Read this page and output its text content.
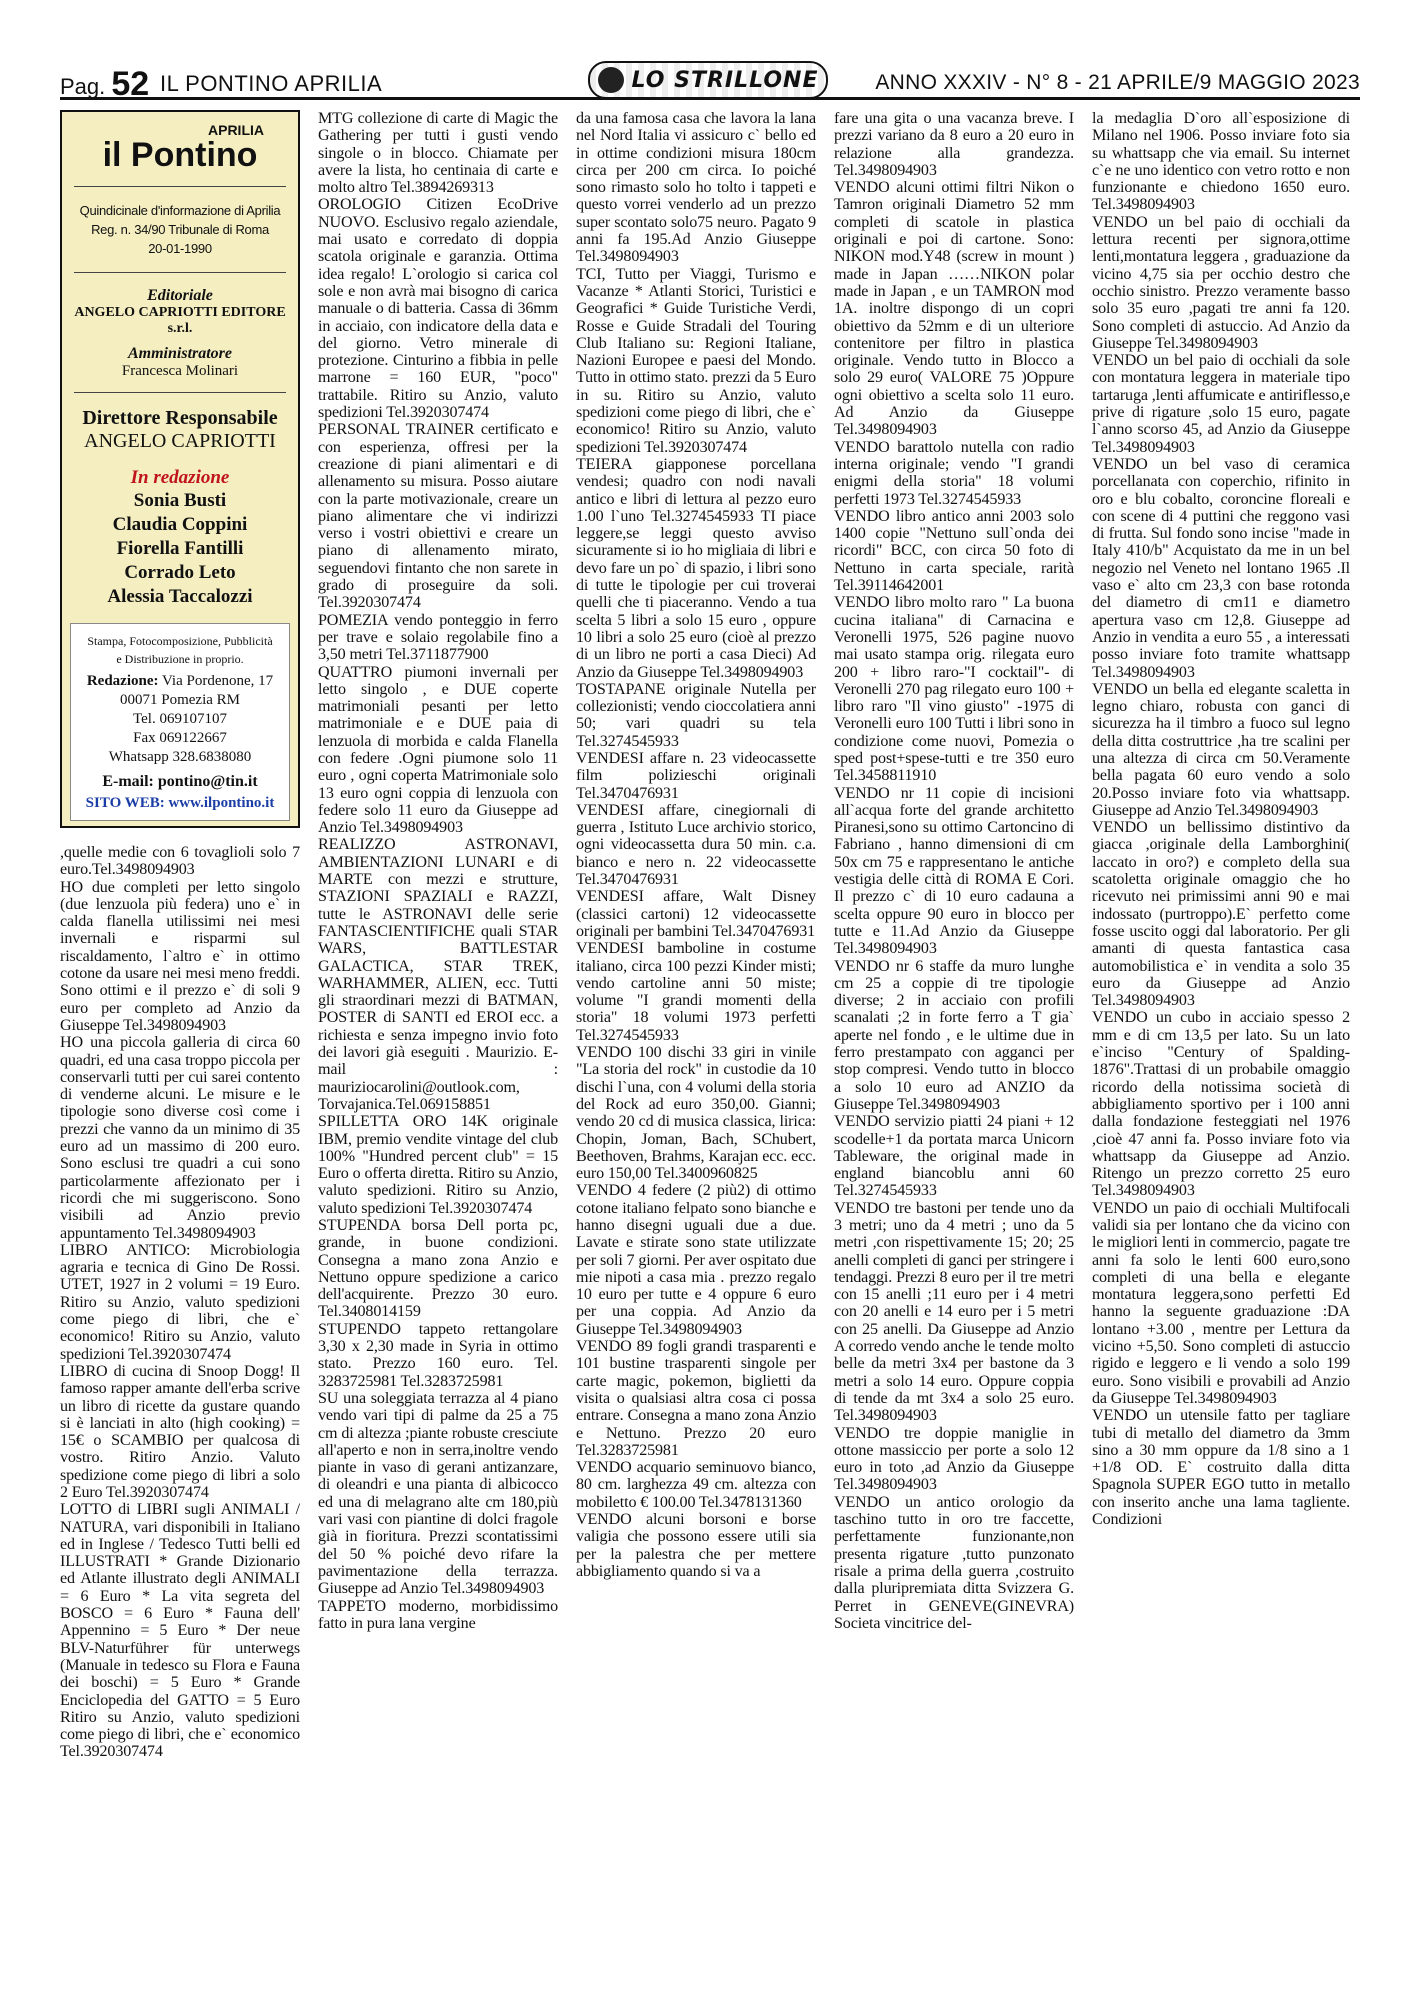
Pag. 52 IL PONTINO APRILIA	LO STRILLONE	ANNO XXXIV - N° 8 - 21 APRILE/9 MAGGIO 2023
APRILIA
il Pontino
Quindicinale d'informazione di Aprilia
Reg. n. 34/90 Tribunale di Roma
20-01-1990
Editoriale
ANGELO CAPRIOTTI EDITORE s.r.l.
Amministratore
Francesca Molinari
Direttore Responsabile
ANGELO CAPRIOTTI
In redazione
Sonia Busti
Claudia Coppini
Fiorella Fantilli
Corrado Leto
Alessia Taccalozzi
Stampa, Fotocomposizione, Pubblicità
e Distribuzione in proprio.
Redazione: Via Pordenone, 17
00071 Pomezia RM
Tel. 069107107
Fax 069122667
Whatsapp 328.6838080
E-mail: pontino@tin.it
SITO WEB: www.ilpontino.it

,quelle medie con 6 tovaglioli solo 7 euro.Tel.3498094903

HO due completi per letto singolo (due lenzuola più federa) uno e` in calda flanella utilissimi nei mesi invernali e risparmi sul riscaldamento, l`altro e` in ottimo cotone da usare nei mesi meno freddi. Sono ottimi e il prezzo e` di soli 9 euro per completo ad Anzio da Giuseppe Tel.3498094903

HO una piccola galleria di circa 60 quadri, ed una casa troppo piccola per conservarli tutti per cui sarei contento di venderne alcuni. Le misure e le tipologie sono diverse così come i prezzi che vanno da un minimo di 35 euro ad un massimo di 200 euro. Sono esclusi tre quadri a cui sono particolarmente affezionato per i ricordi che mi suggeriscono. Sono visibili ad Anzio previo appuntamento Tel.3498094903

LIBRO ANTICO: Microbiologia agraria e tecnica di Gino De Rossi. UTET, 1927 in 2 volumi = 19 Euro. Ritiro su Anzio, valuto spedizioni come piego di libri, che e` economico! Ritiro su Anzio, valuto spedizioni Tel.3920307474

LIBRO di cucina di Snoop Dogg! Il famoso rapper amante dell'erba scrive un libro di ricette da gustare quando si è lanciati in alto (high cooking) = 15€ o SCAMBIO per qualcosa di vostro. Ritiro Anzio. Valuto spedizione come piego di libri a solo 2 Euro Tel.3920307474

LOTTO di LIBRI sugli ANIMALI / NATURA, vari disponibili in Italiano ed in Inglese / Tedesco Tutti belli ed ILLUSTRATI * Grande Dizionario ed Atlante illustrato degli ANIMALI = 6 Euro * La vita segreta del BOSCO = 6 Euro * Fauna dell' Appennino = 5 Euro * Der neue BLV-Naturführer für unterwegs (Manuale in tedesco su Flora e Fauna dei boschi) = 5 Euro * Grande Enciclopedia del GATTO = 5 Euro Ritiro su Anzio, valuto spedizioni come piego di libri, che e` economico Tel.3920307474

MTG collezione di carte di Magic the Gathering per tutti i gusti vendo singole o in blocco. Chiamate per avere la lista, ho centinaia di carte e molto altro Tel.3894269313

OROLOGIO Citizen EcoDrive NUOVO. Esclusivo regalo aziendale, mai usato e corredato di doppia scatola originale e garanzia. Ottima idea regalo! L`orologio si carica col sole e non avrà mai bisogno di carica manuale o di batteria. Cassa di 36mm in acciaio, con indicatore della data e del giorno. Vetro minerale di protezione. Cinturino a fibbia in pelle marrone = 160 EUR, "poco" trattabile. Ritiro su Anzio, valuto spedizioni Tel.3920307474

PERSONAL TRAINER certificato e con esperienza, offresi per la creazione di piani alimentari e di allenamento su misura. Posso aiutare con la parte motivazionale, creare un piano alimentare che vi indirizzi verso i vostri obiettivi e creare un piano di allenamento mirato, seguendovi fintanto che non sarete in grado di proseguire da soli. Tel.3920307474

POMEZIA vendo ponteggio in ferro per trave e solaio regolabile fino a 3,50 metri Tel.3711877900

QUATTRO piumoni invernali per letto singolo , e DUE coperte matrimoniali pesanti per letto matrimoniale e e DUE paia di lenzuola di morbida e calda Flanella con federe .Ogni piumone solo 11 euro , ogni coperta Matrimoniale solo 13 euro ogni coppia di lenzuola con federe solo 11 euro da Giuseppe ad Anzio Tel.3498094903

REALIZZO ASTRONAVI, AMBIENTAZIONI LUNARI e di MARTE con mezzi e strutture, STAZIONI SPAZIALI e RAZZI, tutte le ASTRONAVI delle serie FANTASCIENTIFICHE quali STAR WARS, BATTLESTAR GALACTICA, STAR TREK, WARHAMMER, ALIEN, ecc. Tutti gli straordinari mezzi di BATMAN, POSTER di SANTI ed EROI ecc. a richiesta e senza impegno invio foto dei lavori già eseguiti . Maurizio. E-mail : mauriziocarolini@outlook.com, Torvajanica.Tel.069158851

SPILLETTA ORO 14K originale IBM, premio vendite vintage del club 100% "Hundred percent club" = 15 Euro o offerta diretta. Ritiro su Anzio, valuto spedizioni. Ritiro su Anzio, valuto spedizioni Tel.3920307474

STUPENDA borsa Dell porta pc, grande, in buone condizioni. Consegna a mano zona Anzio e Nettuno oppure spedizione a carico dell'acquirente. Prezzo 30 euro. Tel.3408014159

STUPENDO tappeto rettangolare 3,30 x 2,30 made in Syria in ottimo stato. Prezzo 160 euro. Tel. 3283725981 Tel.3283725981

SU una soleggiata terrazza al 4 piano vendo vari tipi di palme da 25 a 75 cm di altezza ;piante robuste cresciute all'aperto e non in serra,inoltre vendo piante in vaso di gerani antizanzare, di oleandri e una pianta di albicocco ed una di melagrano alte cm 180,più vari vasi con piantine di dolci fragole già in fioritura. Prezzi scontatissimi del 50 % poiché devo rifare la pavimentazione della terrazza. Giuseppe ad Anzio Tel.3498094903

TAPPETO moderno, morbidissimo fatto in pura lana vergine

da una famosa casa che lavora la lana nel Nord Italia vi assicuro c` bello ed in ottime condizioni misura 180cm circa per 200 cm circa. Io poiché sono rimasto solo ho tolto i tappeti e questo vorrei venderlo ad un prezzo super scontato solo75 neuro. Pagato 9 anni fa 195.Ad Anzio Giuseppe Tel.3498094903

TCI, Tutto per Viaggi, Turismo e Vacanze * Atlanti Storici, Turistici e Geografici * Guide Turistiche Verdi, Rosse e Guide Stradali del Touring Club Italiano su: Regioni Italiane, Nazioni Europee e paesi del Mondo. Tutto in ottimo stato. prezzi da 5 Euro in su. Ritiro su Anzio, valuto spedizioni come piego di libri, che e` economico! Ritiro su Anzio, valuto spedizioni Tel.3920307474

TEIERA giapponese porcellana vendesi; quadro con nodi navali antico e libri di lettura al pezzo euro 1.00 l`uno Tel.3274545933 TI piace leggere,se leggi questo avviso sicuramente si io ho migliaia di libri e devo fare un po` di spazio, i libri sono di tutte le tipologie per cui troverai quelli che ti piaceranno. Vendo a tua scelta 5 libri a solo 15 euro , oppure 10 libri a solo 25 euro (cioè al prezzo di un libro ne porti a casa Dieci) Ad Anzio da Giuseppe Tel.3498094903

TOSTAPANE originale Nutella per collezionisti; vendo cioccolatiera anni 50; vari quadri su tela Tel.3274545933

VENDESI affare n. 23 videocassette film polizieschi originali Tel.3470476931

VENDESI affare, cinegiornali di guerra , Istituto Luce archivio storico, ogni videocassetta dura 50 min. c.a. bianco e nero n. 22 videocassette Tel.3470476931

VENDESI affare, Walt Disney (classici cartoni) 12 videocassette originali per bambini Tel.3470476931

VENDESI bamboline in costume italiano, circa 100 pezzi Kinder misti; vendo cartoline anni 50 miste; volume "I grandi momenti della storia" 18 volumi 1973 perfetti Tel.3274545933

VENDO 100 dischi 33 giri in vinile "La storia del rock" in custodie da 10 dischi l`una, con 4 volumi della storia del Rock ad euro 350,00. Gianni; vendo 20 cd di musica classica, lirica: Chopin, Joman, Bach, SChubert, Beethoven, Brahms, Karajan ecc. ecc. euro 150,00 Tel.3400960825

VENDO 4 federe (2 più2) di ottimo cotone italiano felpato sono bianche e hanno disegni uguali due a due. Lavate e stirate sono state utilizzate per soli 7 giorni. Per aver ospitato due mie nipoti a casa mia . prezzo regalo 10 euro per tutte e 4 oppure 6 euro per una coppia. Ad Anzio da Giuseppe Tel.3498094903

VENDO 89 fogli grandi trasparenti e 101 bustine trasparenti singole per carte magic, pokemon, biglietti da visita o qualsiasi altra cosa ci possa entrare. Consegna a mano zona Anzio e Nettuno. Prezzo 20 euro Tel.3283725981

VENDO acquario seminuovo bianco, 80 cm. larghezza 49 cm. altezza con mobiletto € 100.00 Tel.3478131360

VENDO alcuni borsoni e borse valigia che possono essere utili sia per la palestra che per mettere abbigliamento quando si va a

fare una gita o una vacanza breve. I prezzi variano da 8 euro a 20 euro in relazione alla grandezza. Tel.3498094903

VENDO alcuni ottimi filtri Nikon o Tamron originali Diametro 52 mm completi di scatole in plastica originali e poi di cartone. Sono: NIKON mod.Y48 (screw in mount ) made in Japan ……NIKON polar made in Japan , e un TAMRON mod 1A. inoltre dispongo di un copri obiettivo da 52mm e di un ulteriore contenitore per filtro in plastica originale. Vendo tutto in Blocco a solo 29 euro( VALORE 75 )Oppure ogni obiettivo a scelta solo 11 euro. Ad Anzio da Giuseppe Tel.3498094903

VENDO barattolo nutella con radio interna originale; vendo "I grandi enigmi della storia" 18 volumi perfetti 1973 Tel.3274545933

VENDO libro antico anni 2003 solo 1400 copie "Nettuno sull`onda dei ricordi" BCC, con circa 50 foto di Nettuno in carta speciale, rarità Tel.39114642001

VENDO libro molto raro " La buona cucina italiana" di Carnacina e Veronelli 1975, 526 pagine nuovo mai usato stampa orig. rilegata euro 200 + libro raro-"I cocktail"- di Veronelli 270 pag rilegato euro 100 + libro raro "Il vino giusto" -1975 di Veronelli euro 100 Tutti i libri sono in condizione come nuovi, Pomezia o sped post+spese-tutti e tre 350 euro Tel.3458811910

VENDO nr 11 copie di incisioni all`acqua forte del grande architetto Piranesi,sono su ottimo Cartoncino di Fabriano , hanno dimensioni di cm 50x cm 75 e rappresentano le antiche vestigia delle città di ROMA E Cori. Il prezzo c` di 10 euro cadauna a scelta oppure 90 euro in blocco per tutte e 11.Ad Anzio da Giuseppe Tel.3498094903

VENDO nr 6 staffe da muro lunghe cm 25 a coppie di tre tipologie diverse; 2 in acciaio con profili scanalati ;2 in forte ferro a T gia` aperte nel fondo , e le ultime due in ferro prestampato con agganci per stop compresi. Vendo tutto in blocco a solo 10 euro ad ANZIO da Giuseppe Tel.3498094903

VENDO servizio piatti 24 piani + 12 scodelle+1 da portata marca Unicorn Tableware, the original made in england biancoblu anni 60 Tel.3274545933

VENDO tre bastoni per tende uno da 3 metri; uno da 4 metri ; uno da 5 metri ,con rispettivamente 15; 20; 25 anelli completi di ganci per stringere i tendaggi. Prezzi 8 euro per il tre metri con 15 anelli ;11 euro per i 4 metri con 20 anelli e 14 euro per i 5 metri con 25 anelli. Da Giuseppe ad Anzio A corredo vendo anche le tende molto belle da metri 3x4 per bastone da 3 metri a solo 14 euro. Oppure coppia di tende da mt 3x4 a solo 25 euro. Tel.3498094903

VENDO tre doppie maniglie in ottone massiccio per porte a solo 12 euro in toto ,ad Anzio da Giuseppe Tel.3498094903

VENDO un antico orologio da taschino tutto in oro tre faccette, perfettamente funzionante,non presenta rigature ,tutto punzonato risale a prima della guerra ,costruito dalla pluripremiata ditta Svizzera G. Perret in GENEVE(GINEVRA) Societa vincitrice del-

la medaglia D`oro all`esposizione di Milano nel 1906. Posso inviare foto sia su whattsapp che via email. Su internet c`e ne uno identico con vetro rotto e non funzionante e chiedono 1650 euro. Tel.3498094903

VENDO un bel paio di occhiali da lettura recenti per signora,ottime lenti,montatura leggera , graduazione da vicino 4,75 sia per occhio destro che occhio sinistro. Prezzo veramente basso solo 35 euro ,pagati tre anni fa 120. Sono completi di astuccio. Ad Anzio da Giuseppe Tel.3498094903

VENDO un bel paio di occhiali da sole con montatura leggera in materiale tipo tartaruga ,lenti affumicate e antiriflesso,e prive di rigature ,solo 15 euro, pagate l`anno scorso 45, ad Anzio da Giuseppe Tel.3498094903

VENDO un bel vaso di ceramica porcellanata con coperchio, rifinito in oro e blu cobalto, coroncine floreali e con scene di 4 puttini che reggono vasi di frutta. Sul fondo sono incise "made in Italy 410/b" Acquistato da me in un bel negozio nel Veneto nel lontano 1965 .Il vaso e` alto cm 23,3 con base rotonda del diametro di cm11 e diametro apertura vaso cm 12,8. Giuseppe ad Anzio in vendita a euro 55 , a interessati posso inviare foto tramite whattsapp Tel.3498094903

VENDO un bella ed elegante scaletta in legno chiaro, robusta con ganci di sicurezza ha il timbro a fuoco sul legno della ditta costruttrice ,ha tre scalini per una altezza di circa cm 50.Veramente bella pagata 60 euro vendo a solo 20.Posso inviare foto via whattsapp. Giuseppe ad Anzio Tel.3498094903

VENDO un bellissimo distintivo da giacca ,originale della Lamborghini( laccato in oro?) e completo della sua scatoletta originale omaggio che ho ricevuto nei primissimi anni 90 e mai indossato (purtroppo).E` perfetto come fosse uscito oggi dal laboratorio. Per gli amanti di questa fantastica casa automobilistica e` in vendita a solo 35 euro da Giuseppe ad Anzio Tel.3498094903

VENDO un cubo in acciaio spesso 2 mm e di cm 13,5 per lato. Su un lato e`inciso "Century of Spalding-1876".Trattasi di un probabile omaggio ricordo della notissima società di abbigliamento sportivo per i 100 anni dalla fondazione festeggiati nel 1976 ,cioè 47 anni fa. Posso inviare foto via whattsapp da Giuseppe ad Anzio. Ritengo un prezzo corretto 25 euro Tel.3498094903

VENDO un paio di occhiali Multifocali validi sia per lontano che da vicino con le migliori lenti in commercio, pagate tre anni fa solo le lenti 600 euro,sono completi di una bella e elegante montatura leggera,sono perfetti Ed hanno la seguente graduazione :DA lontano +3.00 , mentre per Lettura da vicino +5,50. Sono completi di astuccio rigido e leggero e li vendo a solo 199 euro. Sono visibili e provabili ad Anzio da Giuseppe Tel.3498094903

VENDO un utensile fatto per tagliare tubi di metallo del diametro da 3mm sino a 30 mm oppure da 1/8 sino a 1 +1/8 OD. E` costruito dalla ditta Spagnola SUPER EGO tutto in metallo con inserito anche una lama tagliente. Condizioni
